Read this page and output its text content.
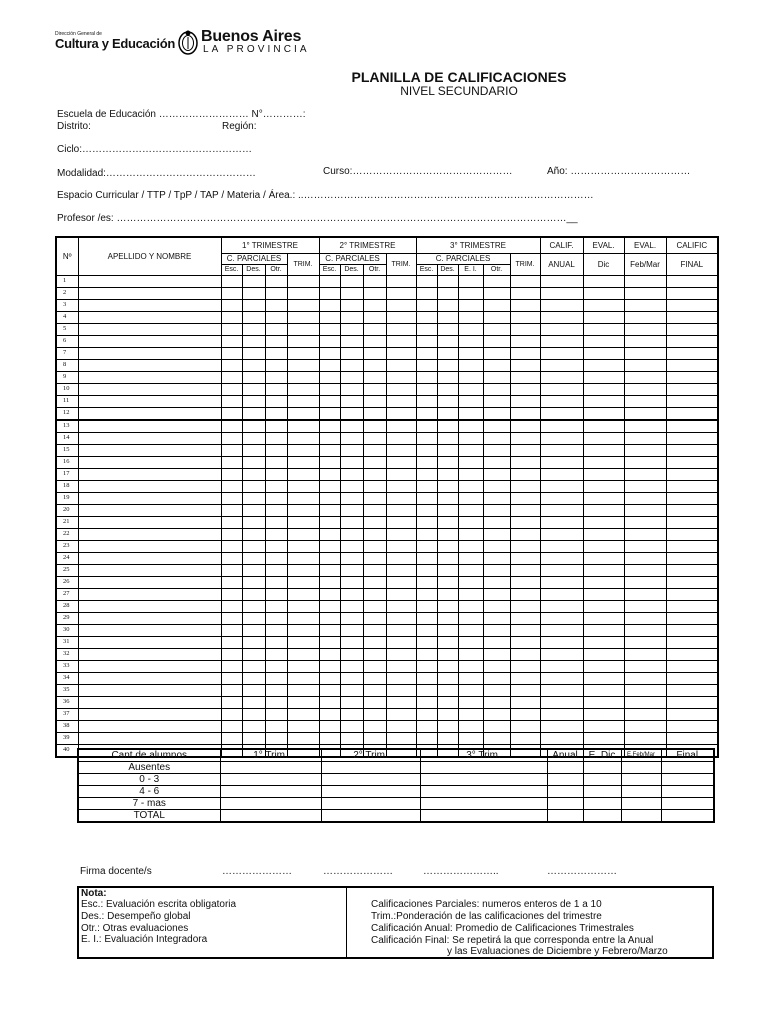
Dirección General de
Cultura y Educación Buenos Aires
LA PROVINCIA
PLANILLA DE CALIFICACIONES
NIVEL SECUNDARIO
Escuela de Educación ……………………… N°…………:
Distrito:	Región:
Ciclo:……………………………………………
Modalidad:………………………………………	Curso:…………………………………………	Año: ………………………………
Espacio Curricular / TTP / TpP / TAP / Materia / Área.: ..……………………………………………………………………………
Profesor /es: ………………………………………………………………………………………………………………………__
Nº	APELLIDO Y NOMBRE	1° TRIMESTRE				2° TRIMESTRE				3° TRIMESTRE					CALIF.	EVAL.	EVAL.	CALIFIC
		C. PARCIALES			TRIM.	C. PARCIALES			TRIM.	C. PARCIALES				TRIM.	ANUAL	Dic	Feb/Mar	FINAL
		Esc.	Des.	Otr.		Esc.	Des.	Otr.		Esc.	Des.	E. I.	Otr.					
1																		
2																		
3																		
4																		
5																		
6																		
7																		
8																		
9																		
10																		
11																		
12																		
13																		
14																		
15																		
16																		
17																		
18																		
19																		
20																		
21																		
22																		
23																		
24																		
25																		
26																		
27																		
28																		
29																		
30																		
31																		
32																		
33																		
34																		
35																		
36																		
37																		
38																		
39																		
40																		
Cant.de alumnos	1° Trim.	2° Trim.	3° Trim.	Anual	E. Dic	E.Feb/Mar	Final
Ausentes							
0 - 3							
4 - 6							
7 - mas							
TOTAL							
Firma docente/s	…………………	…………………	…………………..	…………………
Nota:
Esc.: Evaluación escrita obligatoria
Des.: Desempeño global
Otr.: Otras evaluaciones
E. I.: Evaluación Integradora
Calificaciones Parciales: numeros enteros de 1 a 10
Trim.:Ponderación de las calificaciones del trimestre
Calificación Anual: Promedio de Calificaciones Trimestrales
Calificación Final: Se repetirá la que corresponda entre la Anual
y las Evaluaciones de Diciembre y Febrero/Marzo
